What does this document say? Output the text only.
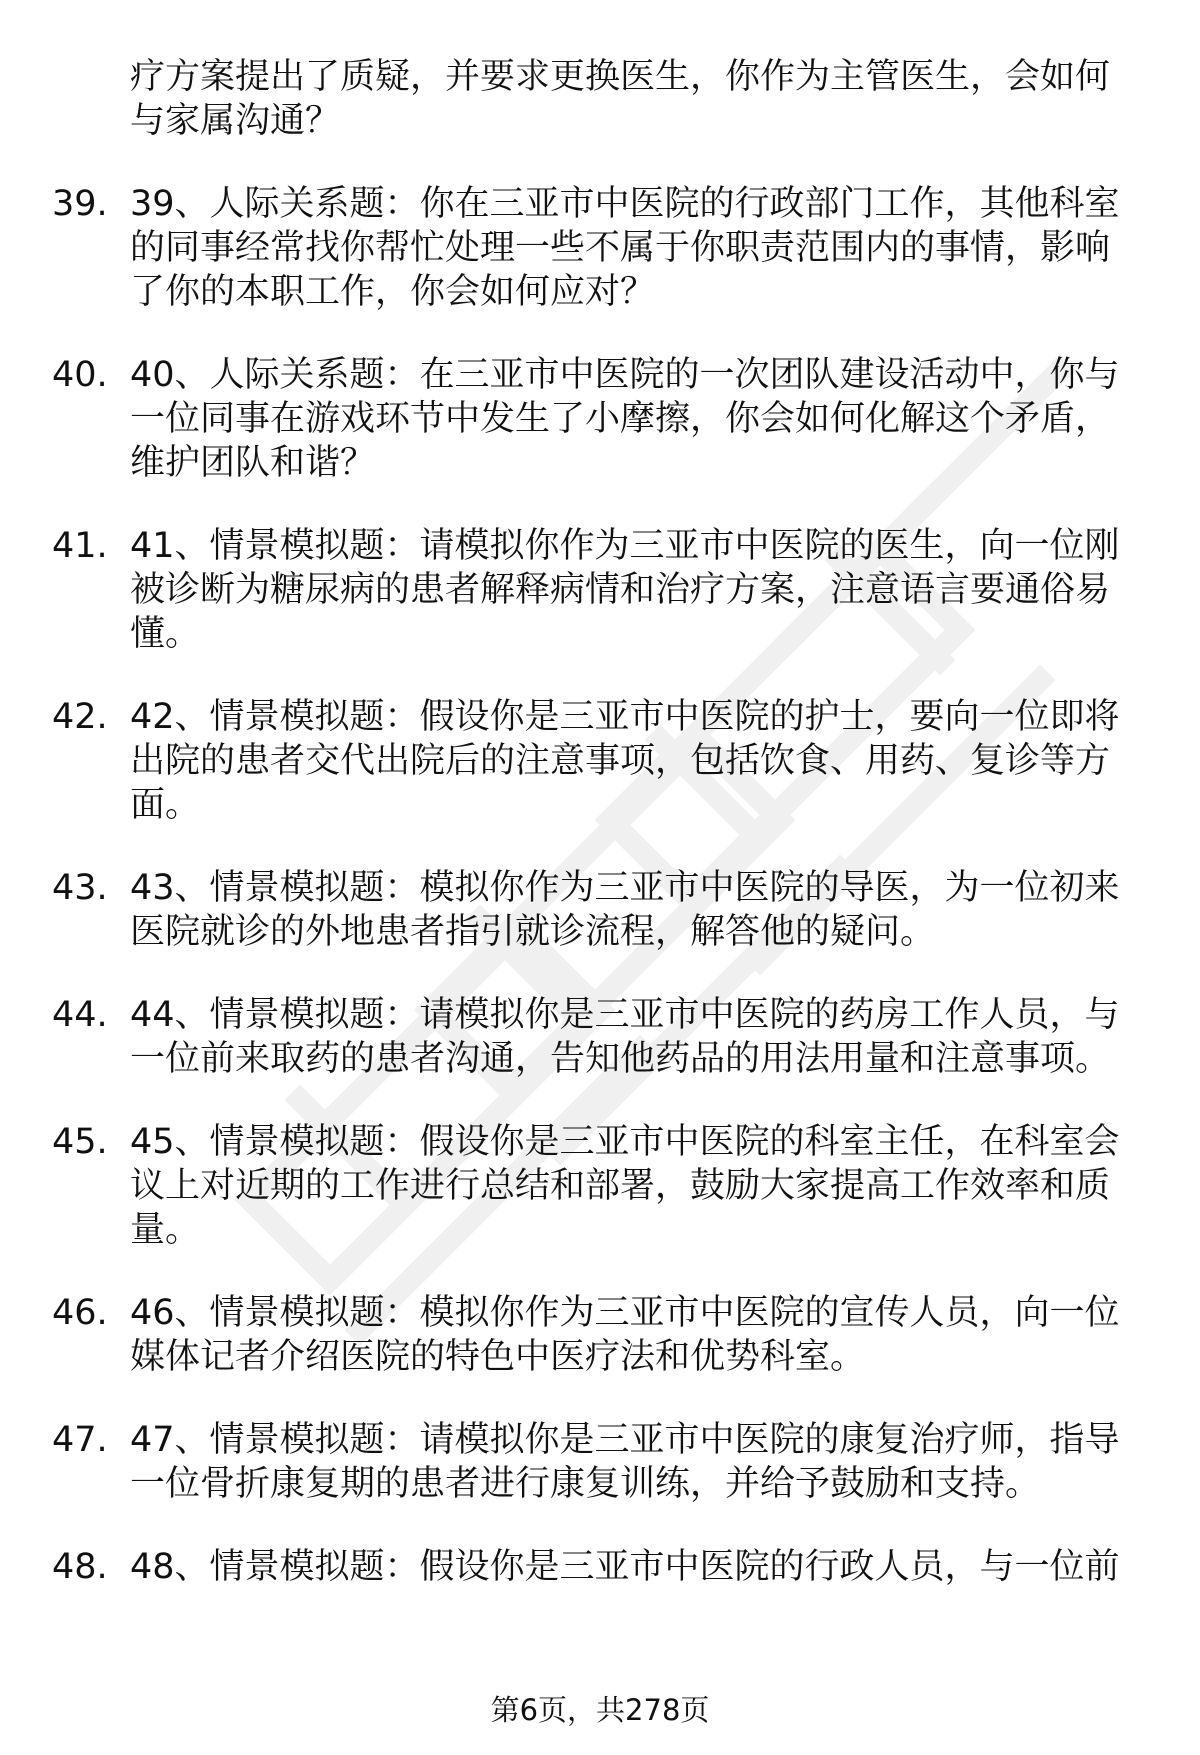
疗方案提出了质疑，并要求更换医生，你作为主管医生，会如何与家属沟通？
39. 39、人际关系题：你在三亚市中医院的行政部门工作，其他科室的同事经常找你帮忙处理一些不属于你职责范围内的事情，影响了你的本职工作，你会如何应对？
40. 40、人际关系题：在三亚市中医院的一次团队建设活动中，你与一位同事在游戏环节中发生了小摩擦，你会如何化解这个矛盾，维护团队和谐？
41. 41、情景模拟题：请模拟你作为三亚市中医院的医生，向一位刚被诊断为糖尿病的患者解释病情和治疗方案，注意语言要通俗易懂。
42. 42、情景模拟题：假设你是三亚市中医院的护士，要向一位即将出院的患者交代出院后的注意事项，包括饮食、用药、复诊等方面。
43. 43、情景模拟题：模拟你作为三亚市中医院的导医，为一位初来医院就诊的外地患者指引就诊流程，解答他的疑问。
44. 44、情景模拟题：请模拟你是三亚市中医院的药房工作人员，与一位前来取药的患者沟通，告知他药品的用法用量和注意事项。
45. 45、情景模拟题：假设你是三亚市中医院的科室主任，在科室会议上对近期的工作进行总结和部署，鼓励大家提高工作效率和质量。
46. 46、情景模拟题：模拟你作为三亚市中医院的宣传人员，向一位媒体记者介绍医院的特色中医疗法和优势科室。
47. 47、情景模拟题：请模拟你是三亚市中医院的康复治疗师，指导一位骨折康复期的患者进行康复训练，并给予鼓励和支持。
48. 48、情景模拟题：假设你是三亚市中医院的行政人员，与一位前
第6页，共278页
